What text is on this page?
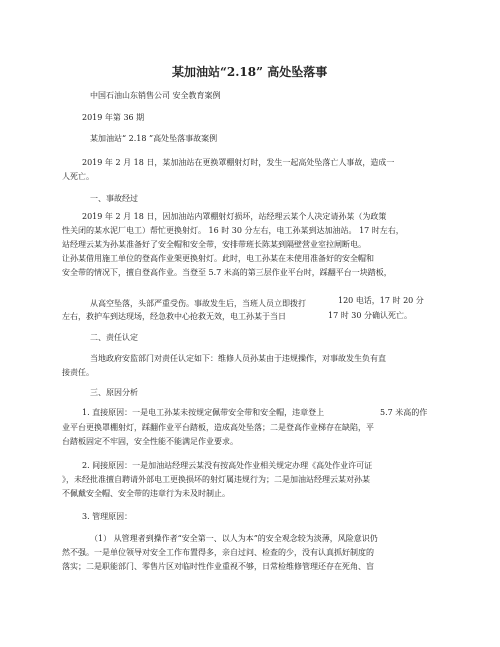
某加油站“2.18” 高处坠落事
中国石油山东销售公司 安全教育案例
2019 年第 36 期
某加油站“ 2.18 ”高处坠落事故案例
2019 年 2 月 18 日，某加油站在更换罩棚射灯时，发生一起高处坠落亡人事故，造成一
人死亡。
一、事故经过
2019 年 2 月 18 日，因加油站内罩棚射灯损坏，站经理云某个人决定请孙某（为政策
性关闭的某水泥厂电工）帮忙更换射灯。 16 时 30 分左右，电工孙某到达加油站。 17 时左右，
站经理云某为孙某准备好了安全帽和安全带，安排带班长陈某到隔壁营业室拉闸断电。
让孙某借用施工单位的登高作业架更换射灯。此时，电工孙某在未使用准备好的安全帽和
安全带的情况下，擅自登高作业。当登至 5.7 米高的第三层作业平台时，踩翻平台一块踏板，
从高空坠落，头部严重受伤。事故发生后，当班人员立即拨打
左右，救护车到达现场，经急救中心抢救无效，电工孙某于当日
120 电话，17 时 20 分
17 时 30 分确认死亡。
二、责任认定
当地政府安监部门对责任认定如下：维修人员孙某由于违规操作，对事故发生负有直
接责任。
三、原因分析
1. 直接原因：一是电工孙某未按规定佩带安全带和安全帽，违章登上	5.7 米高的作
业平台更换罩棚射灯，踩翻作业平台踏板，造成高处坠落；二是登高作业梯存在缺陷，平
台踏板固定不牢固，安全性能不能满足作业要求。
2. 间接原因：一是加油站经理云某没有按高处作业相关规定办理《高处作业许可证
》，未经批准擅自聘请外部电工更换损坏的射灯属违规行为；二是加油站经理云某对孙某
不佩戴安全帽、安全带的违章行为未及时制止。
3. 管理原因：
（1） 从管理者到操作者“安全第一、以人为本”的安全观念较为淡薄，风险意识仍
然不强。一是单位领导对安全工作布置得多，亲自过问、检查的少，没有认真抓好制度的
落实；二是职能部门、零售片区对临时性作业重视不够，日常检维修管理还存在死角、盲
